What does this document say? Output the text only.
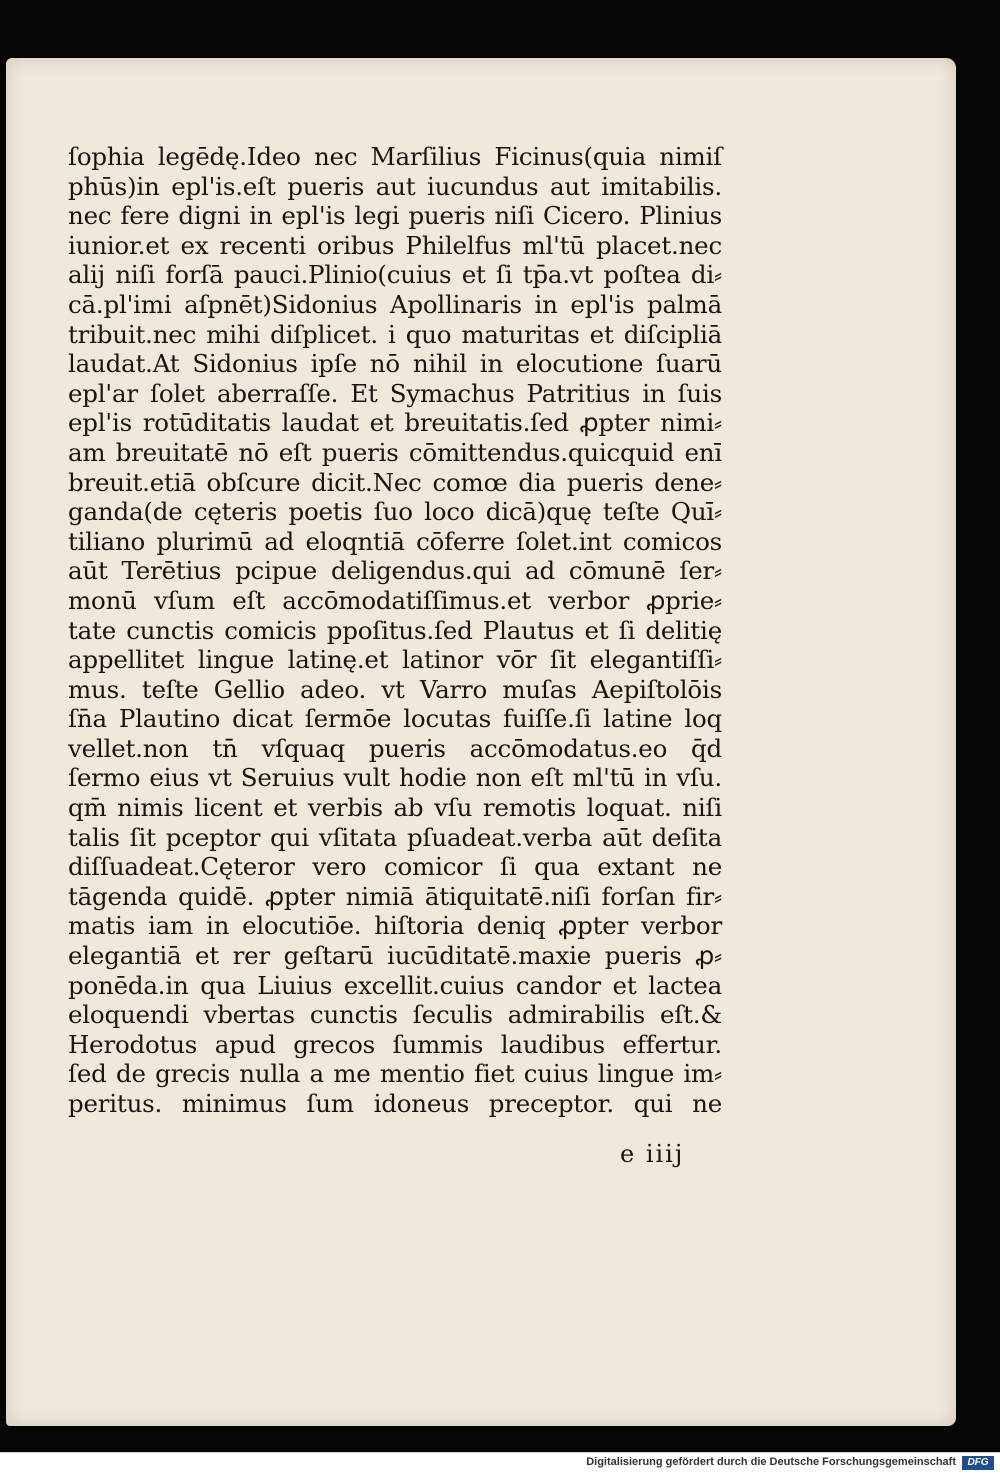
ſophia legēdę.Ideo nec Marſilius Ficinus(quia nimiſ
phūs)in epl'is.eſt pueris aut iucundus aut imitabilis.
nec fere digni in epl'is legi pueris niſi Cicero. Plinius
iunior.et ex recenti oribus Philelfus ml'tū placet.nec
alij niſi forſā pauci.Plinio(cuius et ſi tp̄a.vt poſtea di⸗
cā.pl'imi aſpnēt)Sidonius Apollinaris in epl'is palmā
tribuit.nec mihi diſplicet. i quo maturitas et diſcipliā
laudat.At Sidonius ipſe nō nihil in elocutione ſuarū
epl'ar ſolet aberraſſe. Et Symachus Patritius in ſuis
epl'is rotūditatis laudat et breuitatis.ſed ꝓpter nimi⸗
am breuitatē nō eſt pueris cōmittendus.quicquid enī
breuit.etiā obſcure dicit.Nec comœ dia pueris dene⸗
ganda(de cęteris poetis ſuo loco dicā)quę teſte Quī⸗
tiliano plurimū ad eloqntiā cōferre ſolet.int comicos
aūt Terētius pcipue deligendus.qui ad cōmunē ſer⸗
monū vſum eſt accōmodatiſſimus.et verbor ꝓprie⸗
tate cunctis comicis ppoſitus.ſed Plautus et ſi delitię
appellitet lingue latinę.et latinor vōr ſit elegantiſſi⸗
mus. teſte Gellio adeo. vt Varro muſas Aepiſtolōis
ſn̄a Plautino dicat ſermōe locutas fuiſſe.ſi latine loq
vellet.non tn̄ vſquaq pueris accōmodatus.eo q̄d
ſermo eius vt Seruius vult hodie non eſt ml'tū in vſu.
qm̄ nimis licent et verbis ab vſu remotis loquat. niſi
talis ſit pceptor qui vſitata pſuadeat.verba aūt deſita
diſſuadeat.Cęteror vero comicor ſi qua extant ne
tāgenda quidē. ꝓpter nimiā ātiquitatē.niſi forſan fir⸗
matis iam in elocutiōe. hiſtoria deniq ꝓpter verbor
elegantiā et rer geſtarū iucūditatē.maxie pueris ꝓ⸗
ponēda.in qua Liuius excellit.cuius candor et lactea
eloquendi vbertas cunctis ſeculis admirabilis eſt.&
Herodotus apud grecos ſummis laudibus effertur.
ſed de grecis nulla a me mentio fiet cuius lingue im⸗
peritus. minimus ſum idoneus preceptor. qui ne
e iiij
Digitalisierung gefördert durch die Deutsche Forschungsgemeinschaft	DFG
